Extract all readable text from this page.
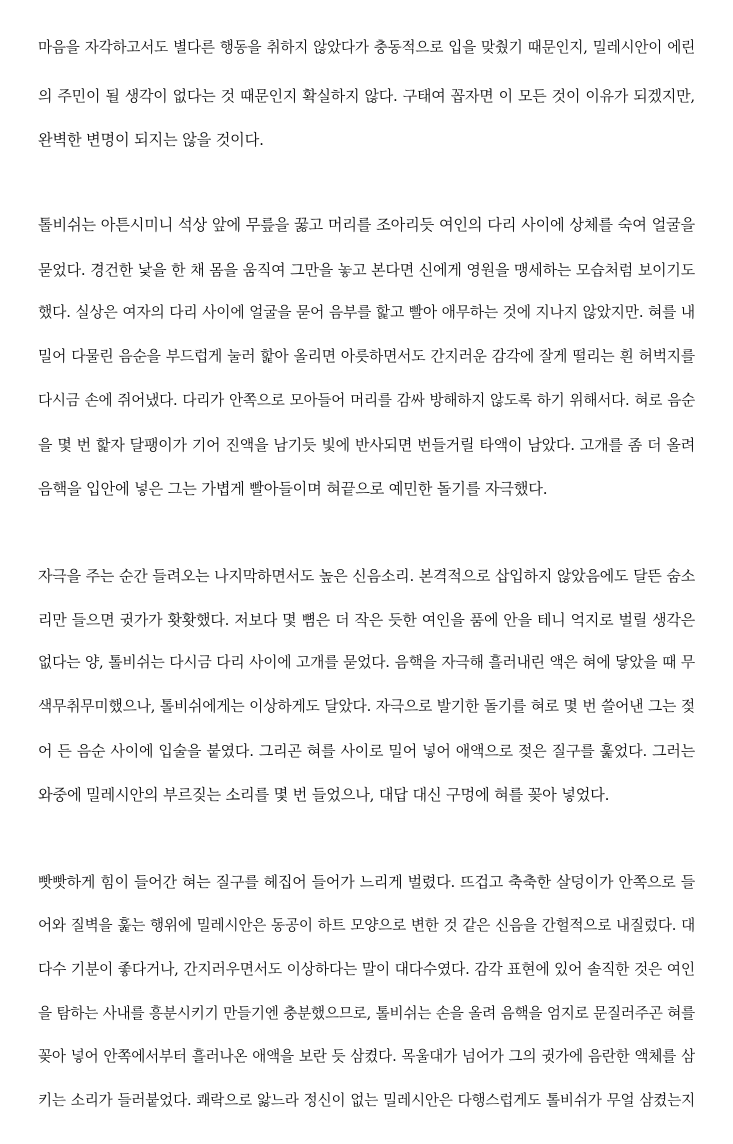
마음을 자각하고서도 별다른 행동을 취하지 않았다가 충동적으로 입을 맞췄기 때문인지, 밀레시안이 에린
의 주민이 될 생각이 없다는 것 때문인지 확실하지 않다. 구태여 꼽자면 이 모든 것이 이유가 되겠지만,
완벽한 변명이 되지는 않을 것이다.
톨비쉬는 아튼시미니 석상 앞에 무릎을 꿇고 머리를 조아리듯 여인의 다리 사이에 상체를 숙여 얼굴을
묻었다. 경건한 낯을 한 채 몸을 움직여 그만을 놓고 본다면 신에게 영원을 맹세하는 모습처럼 보이기도
했다. 실상은 여자의 다리 사이에 얼굴을 묻어 음부를 핥고 빨아 애무하는 것에 지나지 않았지만. 혀를 내
밀어 다물린 음순을 부드럽게 눌러 핥아 올리면 아릇하면서도 간지러운 감각에 잘게 떨리는 흰 허벅지를
다시금 손에 쥐어냈다. 다리가 안쪽으로 모아들어 머리를 감싸 방해하지 않도록 하기 위해서다. 혀로 음순
을 몇 번 핥자 달팽이가 기어 진액을 남기듯 빛에 반사되면 번들거릴 타액이 남았다. 고개를 좀 더 올려
음핵을 입안에 넣은 그는 가볍게 빨아들이며 혀끝으로 예민한 돌기를 자극했다.
자극을 주는 순간 들려오는 나지막하면서도 높은 신음소리. 본격적으로 삽입하지 않았음에도 달뜬 숨소
리만 들으면 귓가가 홧홧했다. 저보다 몇 뼘은 더 작은 듯한 여인을 품에 안을 테니 억지로 벌릴 생각은
없다는 양, 톨비쉬는 다시금 다리 사이에 고개를 묻었다. 음핵을 자극해 흘러내린 액은 혀에 닿았을 때 무
색무취무미했으나, 톨비쉬에게는 이상하게도 달았다. 자극으로 발기한 돌기를 혀로 몇 번 쓸어낸 그는 젖
어 든 음순 사이에 입술을 붙였다. 그리곤 혀를 사이로 밀어 넣어 애액으로 젖은 질구를 훑었다. 그러는
와중에 밀레시안의 부르짖는 소리를 몇 번 들었으나, 대답 대신 구멍에 혀를 꽂아 넣었다.
빳빳하게 힘이 들어간 혀는 질구를 헤집어 들어가 느리게 벌렸다. 뜨겁고 축축한 살덩이가 안쪽으로 들
어와 질벽을 훑는 행위에 밀레시안은 동공이 하트 모양으로 변한 것 같은 신음을 간헐적으로 내질렀다. 대
다수 기분이 좋다거나, 간지러우면서도 이상하다는 말이 대다수였다. 감각 표현에 있어 솔직한 것은 여인
을 탐하는 사내를 흥분시키기 만들기엔 충분했으므로, 톨비쉬는 손을 올려 음핵을 엄지로 문질러주곤 혀를
꽂아 넣어 안쪽에서부터 흘러나온 애액을 보란 듯 삼켰다. 목울대가 넘어가 그의 귓가에 음란한 액체를 삼
키는 소리가 들러붙었다. 쾌락으로 앓느라 정신이 없는 밀레시안은 다행스럽게도 톨비쉬가 무얼 삼켰는지
